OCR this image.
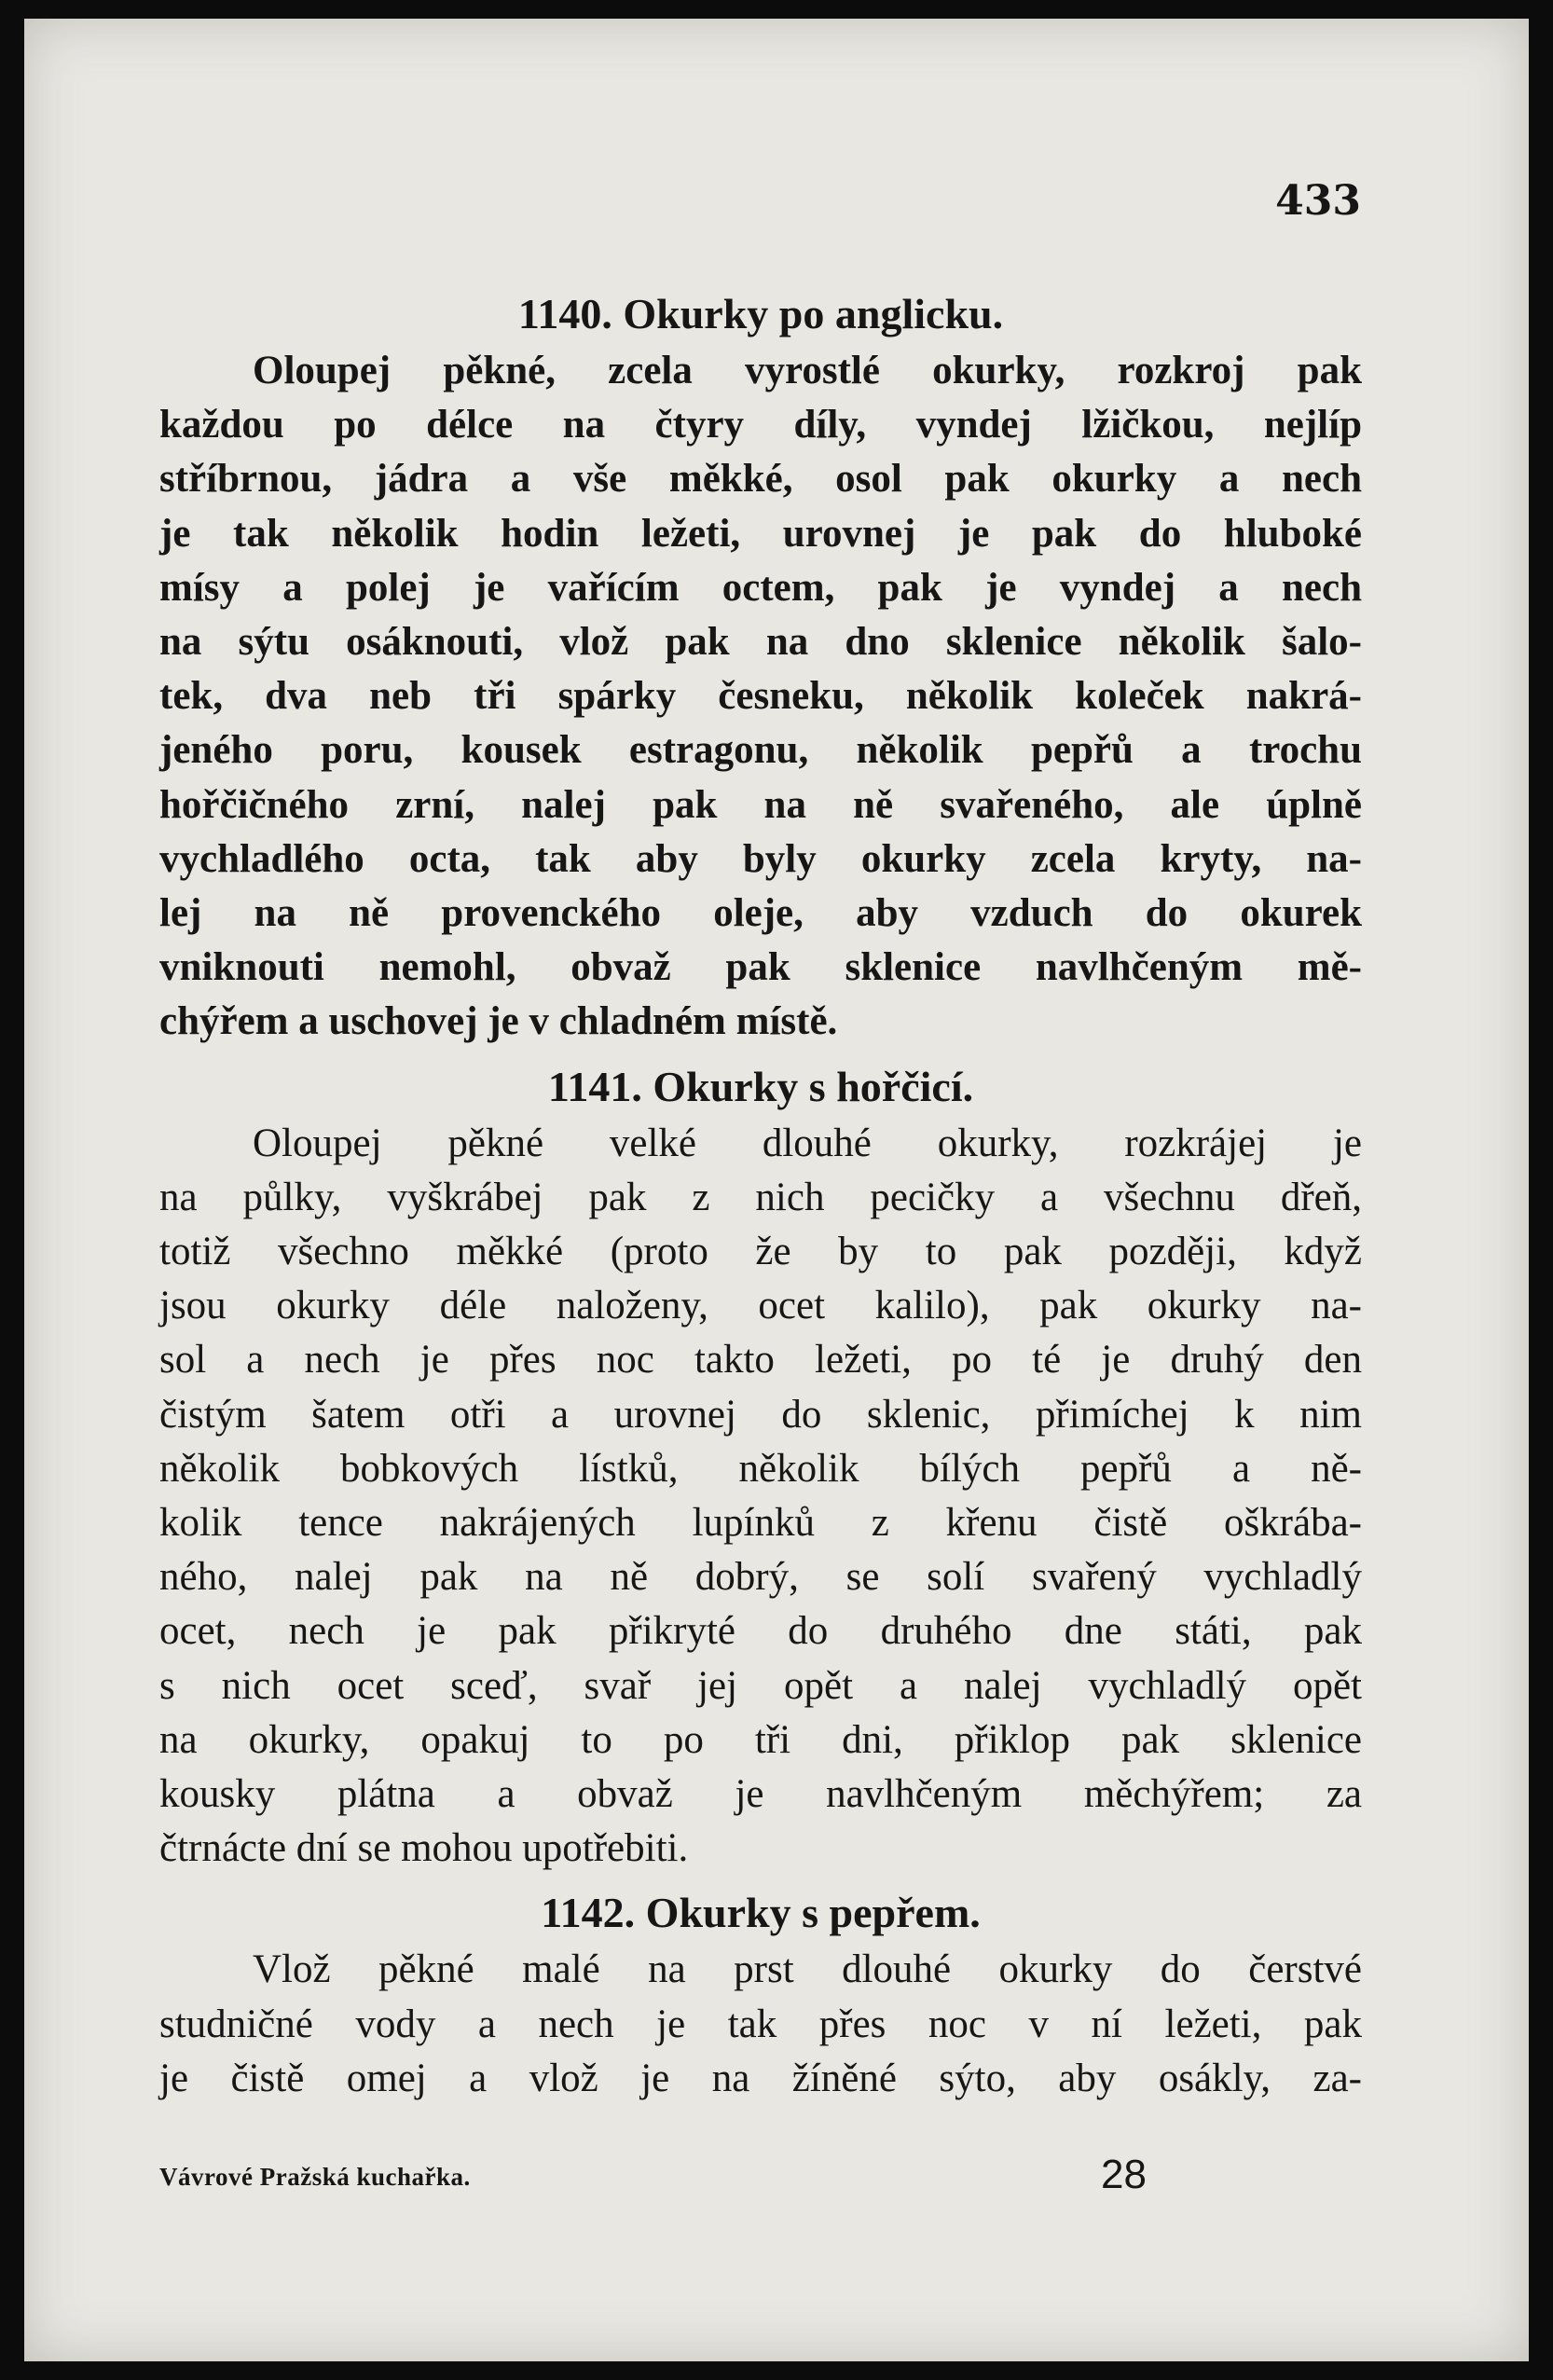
433
1140. Okurky po anglicku.
Oloupej pěkné, zcela vyrostlé okurky, rozkroj pak
každou po délce na čtyry díly, vyndej lžičkou, nejlíp
stříbrnou, jádra a vše měkké, osol pak okurky a nech
je tak několik hodin ležeti, urovnej je pak do hluboké
mísy a polej je vařícím octem, pak je vyndej a nech
na sýtu osáknouti, vlož pak na dno sklenice několik šalo-
tek, dva neb tři spárky česneku, několik koleček nakrá-
jeného poru, kousek estragonu, několik pepřů a trochu
hořčičného zrní, nalej pak na ně svařeného, ale úplně
vychladlého octa, tak aby byly okurky zcela kryty, na-
lej na ně provenckého oleje, aby vzduch do okurek
vniknouti nemohl, obvaž pak sklenice navlhčeným mě-
chýřem a uschovej je v chladném místě.
1141. Okurky s hořčicí.
Oloupej pěkné velké dlouhé okurky, rozkrájej je
na půlky, vyškrábej pak z nich pecičky a všechnu dřeň,
totiž všechno měkké (proto že by to pak později, když
jsou okurky déle naloženy, ocet kalilo), pak okurky na-
sol a nech je přes noc takto ležeti, po té je druhý den
čistým šatem otři a urovnej do sklenic, přimíchej k nim
několik bobkových lístků, několik bílých pepřů a ně-
kolik tence nakrájených lupínků z křenu čistě oškrába-
ného, nalej pak na ně dobrý, se solí svařený vychladlý
ocet, nech je pak přikryté do druhého dne státi, pak
s nich ocet sceď, svař jej opět a nalej vychladlý opět
na okurky, opakuj to po tři dni, přiklop pak sklenice
kousky plátna a obvaž je navlhčeným měchýřem; za
čtrnácte dní se mohou upotřebiti.
1142. Okurky s pepřem.
Vlož pěkné malé na prst dlouhé okurky do čerstvé
studničné vody a nech je tak přes noc v ní ležeti, pak
je čistě omej a vlož je na žíněné sýto, aby osákly, za-
Vávrové Pražská kuchařka.	28
